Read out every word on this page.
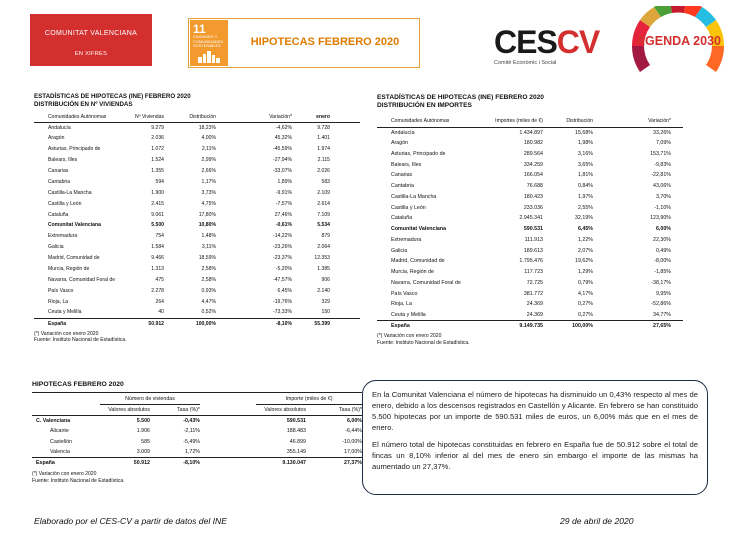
COMUNITAT VALENCIANA
EN XIFRES
11
CIUDADES Y COMUNIDADES SOSTENIBLES	HIPOTECAS FEBRERO 2020	CESCV
Comitè Econòmic i Social
AGENDA 2030
ESTADÍSTICAS DE HIPOTECAS (INE) FEBRERO 2020
DISTRIBUCIÓN EN Nº VIVIENDAS
Comunidades Autónomas	Nº Viviendas	Distribución	Variación*	enero
Andalucía	9.279	18,23%	-4,62%	9.728
Aragón	2.036	4,00%	45,32%	1.401
Asturias, Principado de	1.072	2,11%	-45,59%	1.974
Balears, Illes	1.524	2,99%	-27,94%	2.115
Canarias	1.355	2,66%	-33,07%	2.026
Cantabria	594	1,17%	1,89%	583
Castilla-La Mancha	1.900	3,73%	-9,91%	2.109
Castilla y León	2.415	4,75%	-7,57%	2.614
Cataluña	9.061	17,80%	27,46%	7.109
Comunitat Valenciana	5.500	10,80%	-0,61%	5.534
Extremadura	754	1,48%	-14,22%	879
Galicia	1.584	3,11%	-23,26%	2.064
Madrid, Comunidad de	9.466	18,59%	-23,37%	12.353
Murcia, Región de	1.313	2,58%	-5,20%	1.385
Navarra, Comunidad Foral de	475	2,58%	-47,57%	906
País Vasco	2.278	0,93%	6,45%	2.140
Rioja, La	264	4,47%	-19,76%	329
Ceuta y Melilla	40	0,52%	-73,33%	150
España	50.912	100,00%	-8,10%	55.399
(*) Variación con enero 2020
Fuente: Instituto Nacional de Estadística.
ESTADÍSTICAS DE HIPOTECAS (INE) FEBRERO 2020
DISTRIBUCIÓN EN IMPORTES
Comunidades Autónomas	Importes (miles de €)	Distribución	Variación*
Andalucía	1.434.897	15,68%	33,26%
Aragón	180.982	1,98%	7,09%
Asturias, Principado de	289.564	3,16%	153,71%
Balears, Illes	334.259	3,65%	-9,83%
Canarias	166.054	1,81%	-22,81%
Cantabria	76.688	0,84%	43,06%
Castilla-La Mancha	180.423	1,97%	3,70%
Castilla y León	233.036	2,55%	-1,10%
Cataluña	2.945.341	32,19%	123,90%
Comunitat Valenciana	590.531	6,45%	6,00%
Extremadura	111.913	1,22%	22,30%
Galicia	189.613	2,07%	0,49%
Madrid, Comunidad de	1.795.476	19,62%	-8,00%
Murcia, Región de	117.723	1,29%	-1,85%
Navarra, Comunidad Foral de	72.725	0,79%	-38,17%
País Vasco	381.772	4,17%	9,95%
Rioja, La	24.369	0,27%	-52,86%
Ceuta y Melilla	24.369	0,27%	34,77%
España	9.149.735	100,00%	27,65%
(*) Variación con enero 2020
Fuente: Instituto Nacional de Estadística.
HIPOTECAS FEBRERO 2020
	Número de viviendas			Importe (miles de €)	
	Valores absolutos	Tasa (%)*		Valores absolutos	Tasa (%)*
C. Valenciana	5.500	-0,43%		590.531	6,00%
Alicante	1.906	-2,11%		188.483	-6,44%
Castellón	585	-5,49%		46.899	-10,00%
Valencia	3.009	1,72%		355.149	17,00%
España	50.912	-8,10%		9.130.047	27,37%
(*) Variación con enero 2020
Fuente: Instituto Nacional de Estadística.

En la Comunitat Valenciana el número de hipotecas ha disminuido un 0,43% respecto al mes de enero, debido a los descensos registrados en Castellón y Alicante. En febrero se han constituido 5.500 hipotecas por un importe de 590.531 miles de euros, un 6,00% más que en el mes de enero.

El número total de hipotecas constituidas en febrero en España fue de 50.912 sobre el total de fincas un 8,10% inferior al del mes de enero sin embargo el importe de las mismas ha aumentado un 27,37%.

Elaborado por el CES-CV a partir de datos del INE	29 de abril de 2020
